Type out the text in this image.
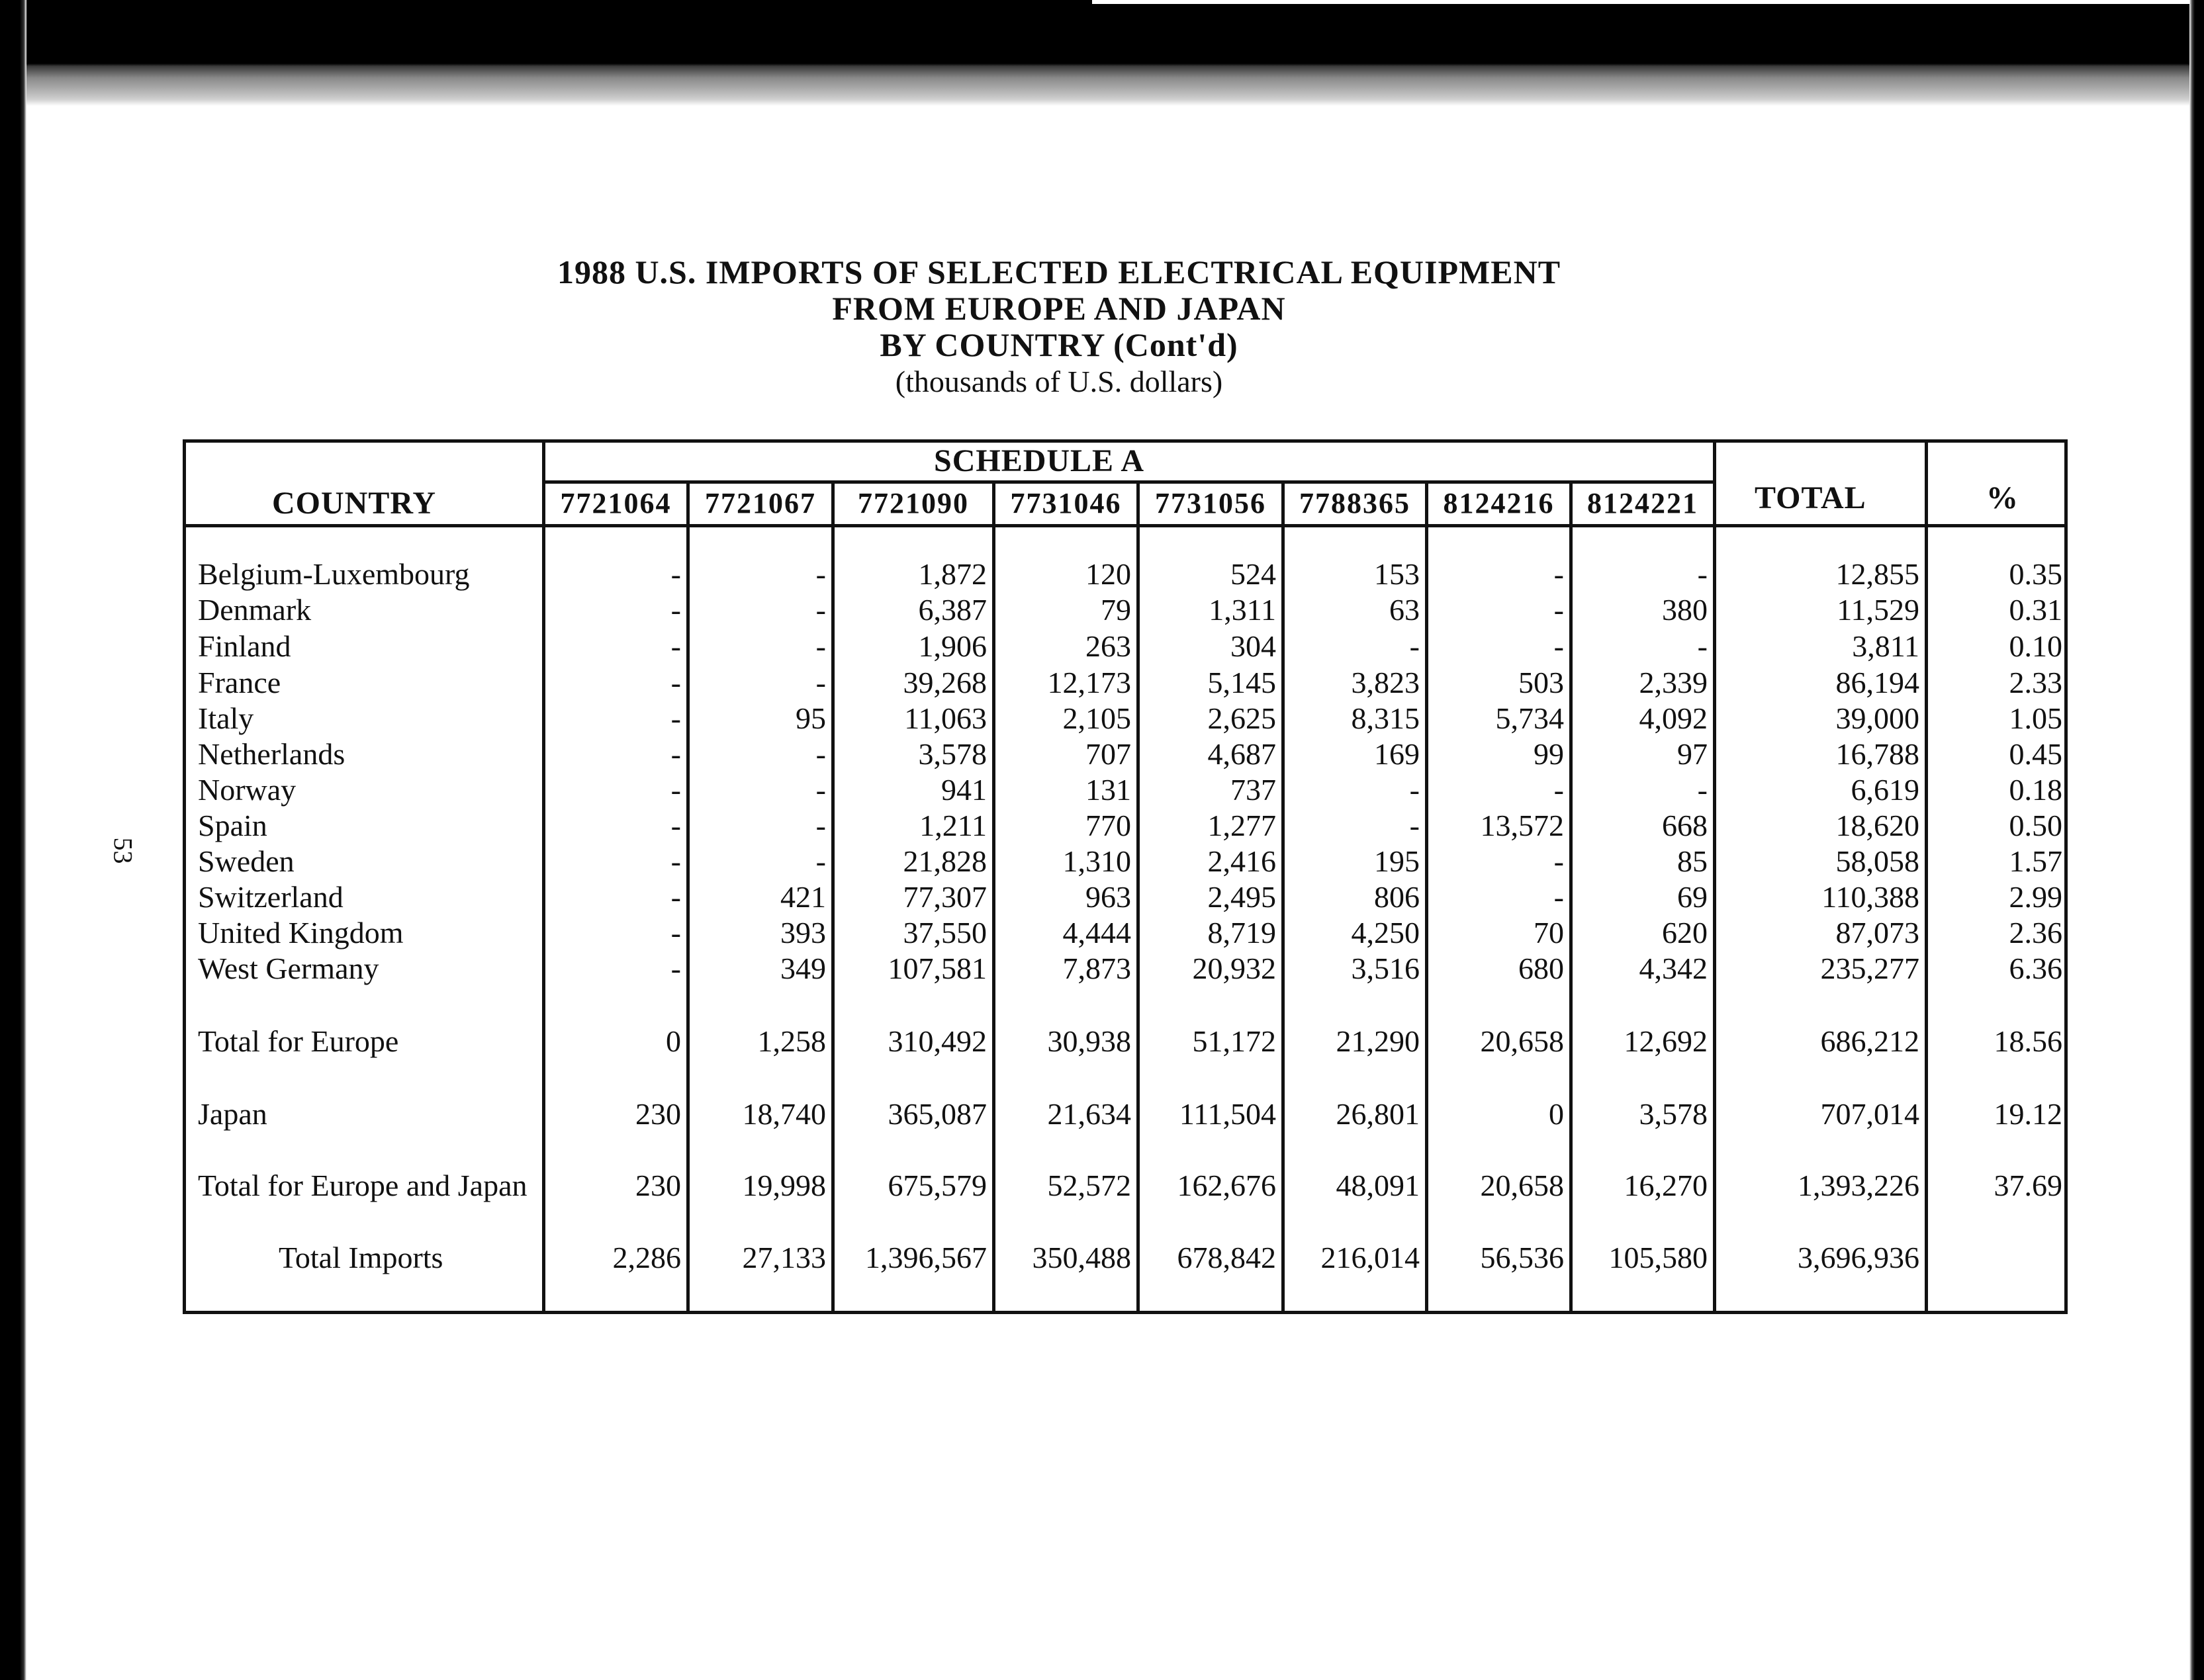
53
1988 U.S. IMPORTS OF SELECTED ELECTRICAL EQUIPMENT
FROM EUROPE AND JAPAN
BY COUNTRY (Cont'd)
(thousands of U.S. dollars)
COUNTRY
SCHEDULE A
TOTAL	%
7721064	7721067	7721090	7731046	7731056	7788365	8124216	8124221
Belgium-Luxembourg	-	-	1,872	120	524	153	-	-	12,855	0.35
Denmark	-	-	6,387	79	1,311	63	-	380	11,529	0.31
Finland	-	-	1,906	263	304	-	-	-	3,811	0.10
France	-	-	39,268	12,173	5,145	3,823	503	2,339	86,194	2.33
Italy	-	95	11,063	2,105	2,625	8,315	5,734	4,092	39,000	1.05
Netherlands	-	-	3,578	707	4,687	169	99	97	16,788	0.45
Norway	-	-	941	131	737	-	-	-	6,619	0.18
Spain	-	-	1,211	770	1,277	-	13,572	668	18,620	0.50
Sweden	-	-	21,828	1,310	2,416	195	-	85	58,058	1.57
Switzerland	-	421	77,307	963	2,495	806	-	69	110,388	2.99
United Kingdom	-	393	37,550	4,444	8,719	4,250	70	620	87,073	2.36
West Germany	-	349	107,581	7,873	20,932	3,516	680	4,342	235,277	6.36
Total for Europe	0	1,258	310,492	30,938	51,172	21,290	20,658	12,692	686,212	18.56
Japan	230	18,740	365,087	21,634	111,504	26,801	0	3,578	707,014	19.12
Total for Europe and Japan	230	19,998	675,579	52,572	162,676	48,091	20,658	16,270	1,393,226	37.69
Total Imports	2,286	27,133	1,396,567	350,488	678,842	216,014	56,536	105,580	3,696,936
